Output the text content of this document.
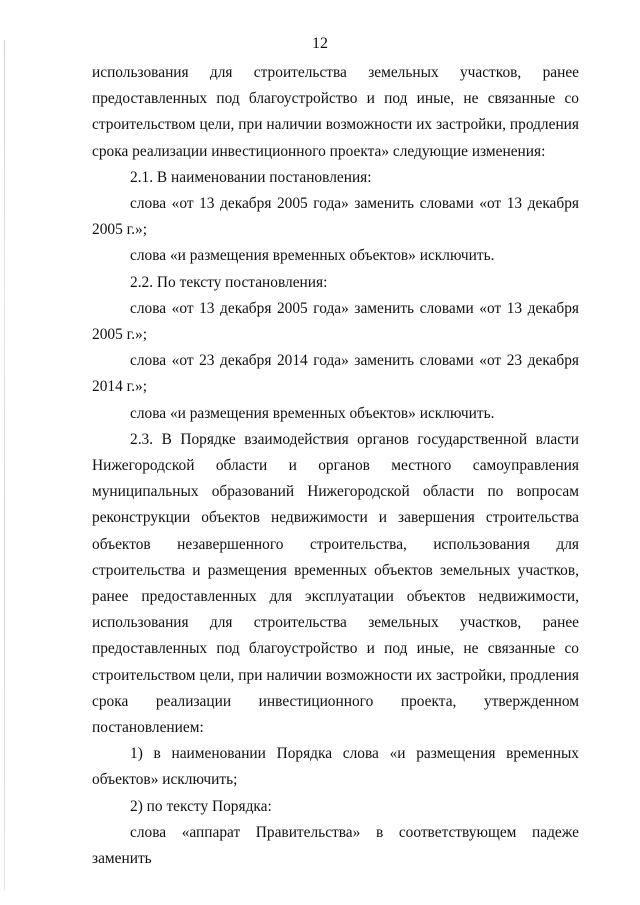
12

использования для строительства земельных участков, ранее предоставленных под благоустройство и под иные, не связанные со строительством цели, при наличии возможности их застройки, продления срока реализации инвестиционного проекта» следующие изменения:

2.1. В наименовании постановления:

слова «от 13 декабря 2005 года» заменить словами «от 13 декабря 2005 г.»;

слова «и размещения временных объектов» исключить.

2.2. По тексту постановления:

слова «от 13 декабря 2005 года» заменить словами «от 13 декабря 2005 г.»;

слова «от 23 декабря 2014 года» заменить словами «от 23 декабря 2014 г.»;

слова «и размещения временных объектов» исключить.

2.3. В Порядке взаимодействия органов государственной власти Нижегородской области и органов местного самоуправления муниципальных образований Нижегородской области по вопросам реконструкции объектов недвижимости и завершения строительства объектов незавершенного строительства, использования для строительства и размещения временных объектов земельных участков, ранее предоставленных для эксплуатации объектов недвижимости, использования для строительства земельных участков, ранее предоставленных под благоустройство и под иные, не связанные со строительством цели, при наличии возможности их застройки, продления срока реализации инвестиционного проекта, утвержденном постановлением:

1) в наименовании Порядка слова «и размещения временных объектов» исключить;

2) по тексту Порядка:

слова «аппарат Правительства» в соответствующем падеже заменить
